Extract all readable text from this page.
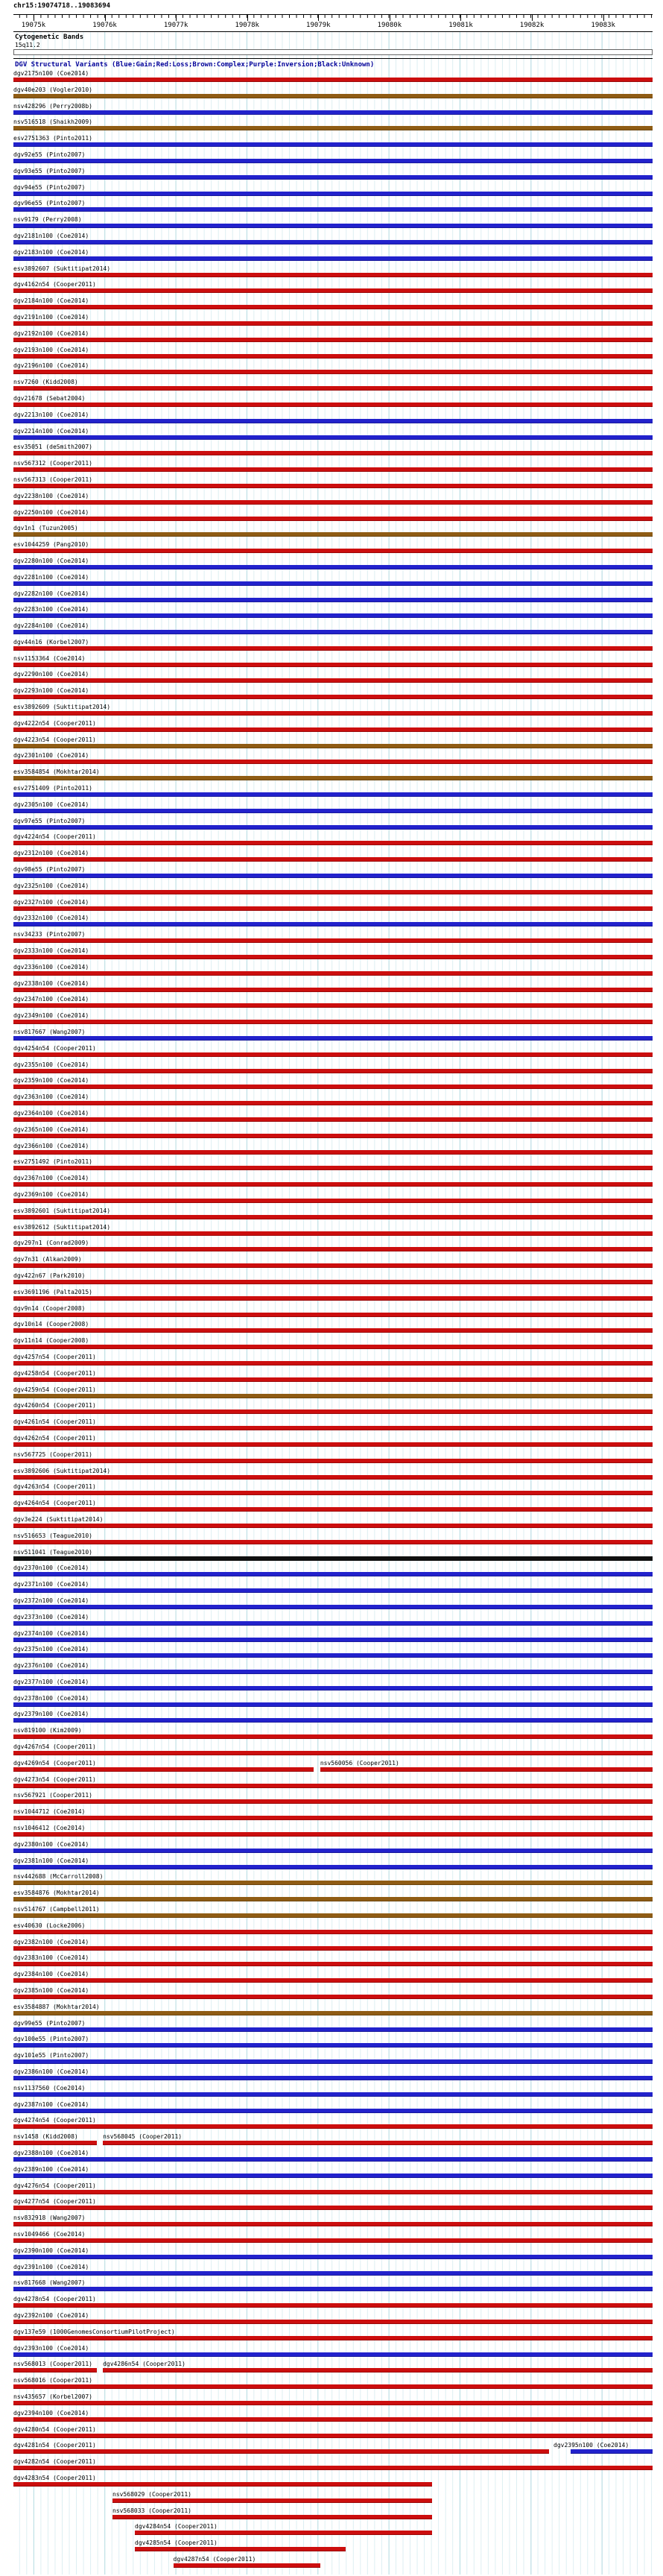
chr15:19074718..19083694
19075k	19076k	19077k	19078k	19079k	19080k	19081k	19082k	19083k
Cytogenetic Bands
15q11.2
DGV Structural Variants (Blue:Gain;Red:Loss;Brown:Complex;Purple:Inversion;Black:Unknown)
dgv2175n100 (Coe2014)
dgv40e203 (Vogler2010)
nsv428296 (Perry2008b)
nsv516518 (Shaikh2009)
esv2751363 (Pinto2011)
dgv92e55 (Pinto2007)
dgv93e55 (Pinto2007)
dgv94e55 (Pinto2007)
dgv96e55 (Pinto2007)
nsv9179 (Perry2008)
dgv2181n100 (Coe2014)
dgv2183n100 (Coe2014)
esv3892607 (Suktitipat2014)
dgv4162n54 (Cooper2011)
dgv2184n100 (Coe2014)
dgv2191n100 (Coe2014)
dgv2192n100 (Coe2014)
dgv2193n100 (Coe2014)
dgv2196n100 (Coe2014)
nsv7260 (Kidd2008)
dgv21678 (Sebat2004)
dgv2213n100 (Coe2014)
dgv2214n100 (Coe2014)
esv35051 (deSmith2007)
nsv567312 (Cooper2011)
nsv567313 (Cooper2011)
dgv2238n100 (Coe2014)
dgv2250n100 (Coe2014)
dgv1n1 (Tuzun2005)
esv1044259 (Pang2010)
dgv2280n100 (Coe2014)
dgv2281n100 (Coe2014)
dgv2282n100 (Coe2014)
dgv2283n100 (Coe2014)
dgv2284n100 (Coe2014)
dgv44n16 (Korbel2007)
nsv1153364 (Coe2014)
dgv2290n100 (Coe2014)
dgv2293n100 (Coe2014)
esv3892609 (Suktitipat2014)
dgv4222n54 (Cooper2011)
dgv4223n54 (Cooper2011)
dgv2301n100 (Coe2014)
esv3584854 (Mokhtar2014)
esv2751409 (Pinto2011)
dgv2305n100 (Coe2014)
dgv97e55 (Pinto2007)
dgv4224n54 (Cooper2011)
dgv2312n100 (Coe2014)
dgv98e55 (Pinto2007)
dgv2325n100 (Coe2014)
dgv2327n100 (Coe2014)
dgv2332n100 (Coe2014)
nsv34233 (Pinto2007)
dgv2333n100 (Coe2014)
dgv2336n100 (Coe2014)
dgv2338n100 (Coe2014)
dgv2347n100 (Coe2014)
dgv2349n100 (Coe2014)
nsv817667 (Wang2007)
dgv4254n54 (Cooper2011)
dgv2355n100 (Coe2014)
dgv2359n100 (Coe2014)
dgv2363n100 (Coe2014)
dgv2364n100 (Coe2014)
dgv2365n100 (Coe2014)
dgv2366n100 (Coe2014)
esv2751492 (Pinto2011)
dgv2367n100 (Coe2014)
dgv2369n100 (Coe2014)
esv3892601 (Suktitipat2014)
esv3892612 (Suktitipat2014)
dgv297n1 (Conrad2009)
dgv7n31 (Alkan2009)
dgv422n67 (Park2010)
esv3691196 (Palta2015)
dgv9n14 (Cooper2008)
dgv10n14 (Cooper2008)
dgv11n14 (Cooper2008)
dgv4257n54 (Cooper2011)
dgv4258n54 (Cooper2011)
dgv4259n54 (Cooper2011)
dgv4260n54 (Cooper2011)
dgv4261n54 (Cooper2011)
dgv4262n54 (Cooper2011)
nsv567725 (Cooper2011)
esv3892606 (Suktitipat2014)
dgv4263n54 (Cooper2011)
dgv4264n54 (Cooper2011)
dgv3e224 (Suktitipat2014)
nsv516653 (Teague2010)
nsv511041 (Teague2010)
dgv2370n100 (Coe2014)
dgv2371n100 (Coe2014)
dgv2372n100 (Coe2014)
dgv2373n100 (Coe2014)
dgv2374n100 (Coe2014)
dgv2375n100 (Coe2014)
dgv2376n100 (Coe2014)
dgv2377n100 (Coe2014)
dgv2378n100 (Coe2014)
dgv2379n100 (Coe2014)
nsv819100 (Kim2009)
dgv4267n54 (Cooper2011)
dgv4269n54 (Cooper2011)	nsv560056 (Cooper2011)
dgv4273n54 (Cooper2011)
nsv567921 (Cooper2011)
nsv1044712 (Coe2014)
nsv1046412 (Coe2014)
dgv2380n100 (Coe2014)
dgv2381n100 (Coe2014)
nsv442688 (McCarroll2008)
esv3584876 (Mokhtar2014)
nsv514767 (Campbell2011)
esv40630 (Locke2006)
dgv2382n100 (Coe2014)
dgv2383n100 (Coe2014)
dgv2384n100 (Coe2014)
dgv2385n100 (Coe2014)
esv3584887 (Mokhtar2014)
dgv99e55 (Pinto2007)
dgv100e55 (Pinto2007)
dgv101e55 (Pinto2007)
dgv2386n100 (Coe2014)
nsv1137560 (Coe2014)
dgv2387n100 (Coe2014)
dgv4274n54 (Cooper2011)
nsv1458 (Kidd2008)	nsv568045 (Cooper2011)
dgv2388n100 (Coe2014)
dgv2389n100 (Coe2014)
dgv4276n54 (Cooper2011)
dgv4277n54 (Cooper2011)
nsv832918 (Wang2007)
nsv1049466 (Coe2014)
dgv2390n100 (Coe2014)
dgv2391n100 (Coe2014)
nsv817668 (Wang2007)
dgv4278n54 (Cooper2011)
dgv2392n100 (Coe2014)
dgv137e59 (1000GenomesConsortiumPilotProject)
dgv2393n100 (Coe2014)
nsv568013 (Cooper2011) dgv4286n54 (Cooper2011)
nsv568016 (Cooper2011)
nsv435657 (Korbel2007)
dgv2394n100 (Coe2014)
dgv4280n54 (Cooper2011)
dgv4281n54 (Cooper2011)	dgv2395n100 (Coe2014)
dgv4282n54 (Cooper2011)
dgv4283n54 (Cooper2011)
nsv568029 (Cooper2011)
nsv568033 (Cooper2011)
dgv4284n54 (Cooper2011)
dgv4285n54 (Cooper2011)
dgv4287n54 (Cooper2011)
